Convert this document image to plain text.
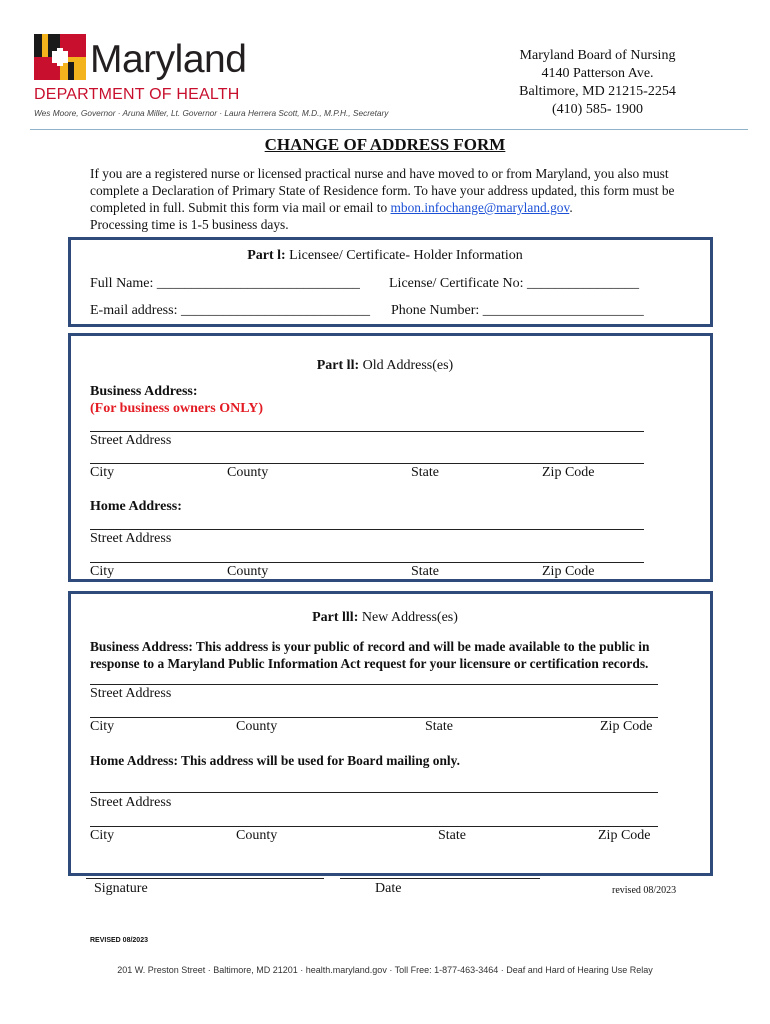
Maryland
DEPARTMENT OF HEALTH
Wes Moore, Governor · Aruna Miller, Lt. Governor · Laura Herrera Scott, M.D., M.P.H., Secretary
Maryland Board of Nursing
4140 Patterson Ave.
Baltimore, MD 21215-2254
(410) 585- 1900
CHANGE OF ADDRESS FORM
If you are a registered nurse or licensed practical nurse and have moved to or from Maryland, you also must complete a Declaration of Primary State of Residence form. To have your address updated, this form must be completed in full. Submit this form via mail or email to mbon.infochange@maryland.gov.
Processing time is 1-5 business days.
Part l: Licensee/ Certificate- Holder Information
Full Name: _____________________________ License/ Certificate No: ________________
E-mail address: ___________________________ Phone Number: _______________________
Part ll: Old Address(es)
Business Address:
(For business owners ONLY)
Street Address
City	County	State	Zip Code
Home Address:
Street Address
City	County	State	Zip Code
Part lll: New Address(es)
Business Address: This address is your public of record and will be made available to the public in response to a Maryland Public Information Act request for your licensure or certification records.
Street Address
City	County	State	Zip Code
Home Address: This address will be used for Board mailing only.
Street Address
City	County	State	Zip Code
Signature	Date	revised 08/2023
REVISED 08/2023
201 W. Preston Street · Baltimore, MD 21201 · health.maryland.gov · Toll Free: 1-877-463-3464 · Deaf and Hard of Hearing Use Relay
